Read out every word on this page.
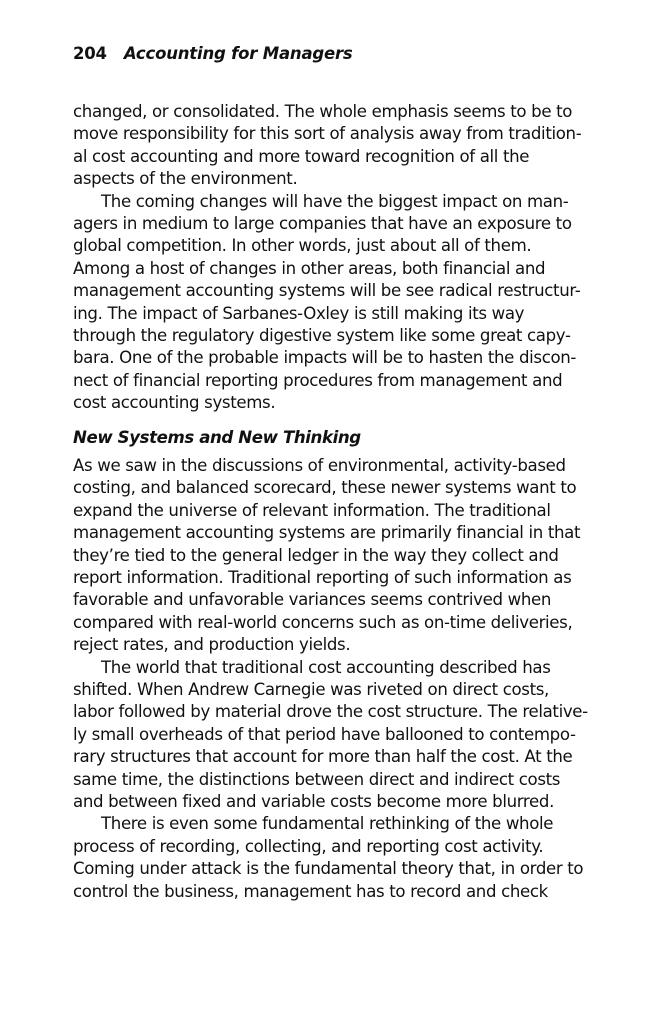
204 Accounting for Managers
changed, or consolidated. The whole emphasis seems to be to
move responsibility for this sort of analysis away from tradition-
al cost accounting and more toward recognition of all the
aspects of the environment.
The coming changes will have the biggest impact on man-
agers in medium to large companies that have an exposure to
global competition. In other words, just about all of them.
Among a host of changes in other areas, both financial and
management accounting systems will be see radical restructur-
ing. The impact of Sarbanes-Oxley is still making its way
through the regulatory digestive system like some great capy-
bara. One of the probable impacts will be to hasten the discon-
nect of financial reporting procedures from management and
cost accounting systems.
New Systems and New Thinking
As we saw in the discussions of environmental, activity-based
costing, and balanced scorecard, these newer systems want to
expand the universe of relevant information. The traditional
management accounting systems are primarily financial in that
they’re tied to the general ledger in the way they collect and
report information. Traditional reporting of such information as
favorable and unfavorable variances seems contrived when
compared with real-world concerns such as on-time deliveries,
reject rates, and production yields.
The world that traditional cost accounting described has
shifted. When Andrew Carnegie was riveted on direct costs,
labor followed by material drove the cost structure. The relative-
ly small overheads of that period have ballooned to contempo-
rary structures that account for more than half the cost. At the
same time, the distinctions between direct and indirect costs
and between fixed and variable costs become more blurred.
There is even some fundamental rethinking of the whole
process of recording, collecting, and reporting cost activity.
Coming under attack is the fundamental theory that, in order to
control the business, management has to record and check
